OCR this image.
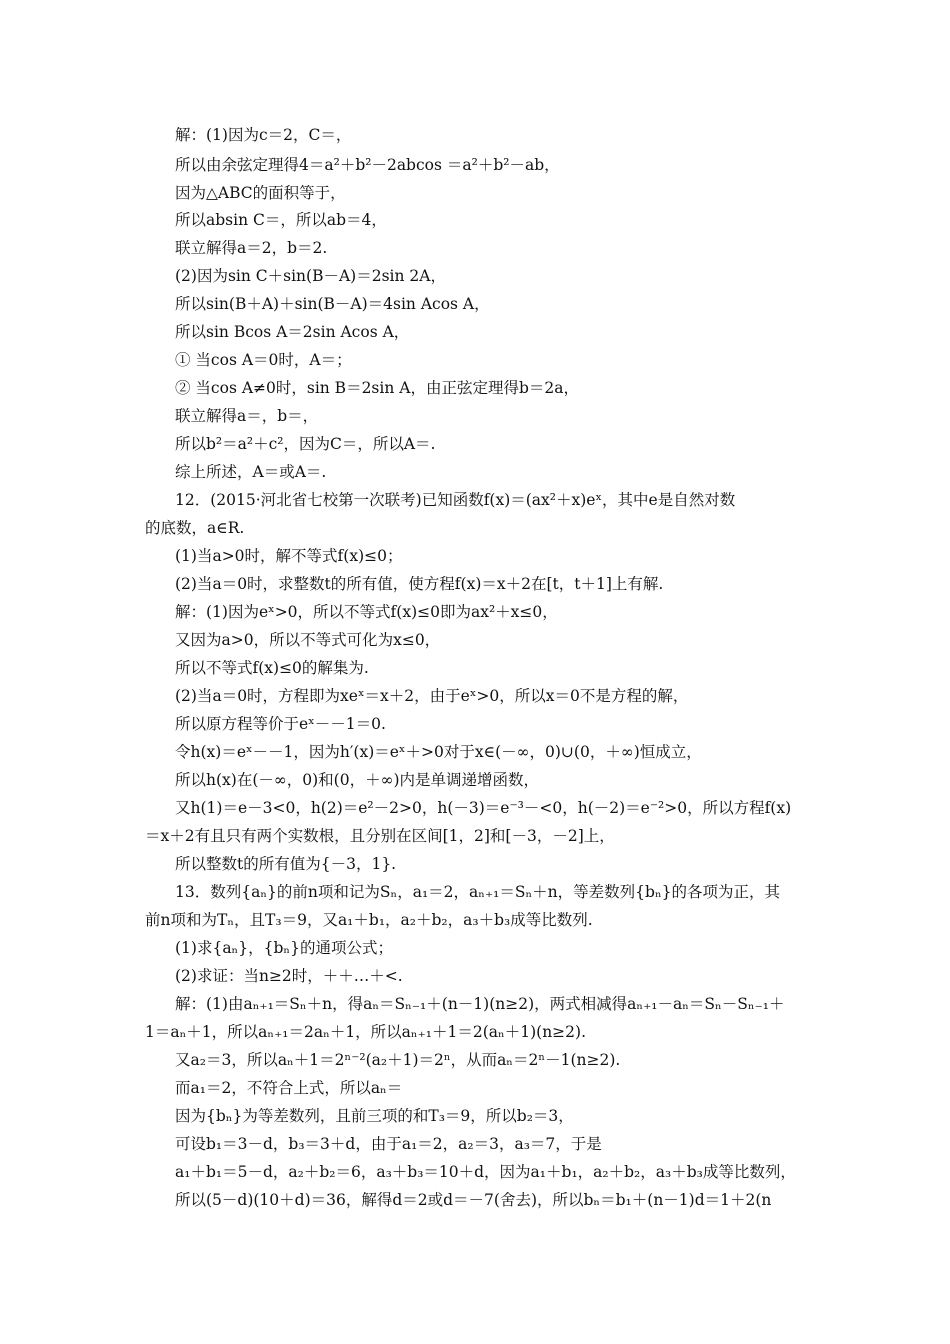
解：(1)因为c＝2，C＝，
所以由余弦定理得4＝a²＋b²－2abcos ＝a²＋b²－ab，
因为△ABC的面积等于，
所以absin C＝，所以ab＝4，
联立解得a＝2，b＝2.
(2)因为sin C＋sin(B－A)＝2sin 2A，
所以sin(B＋A)＋sin(B－A)＝4sin Acos A，
所以sin Bcos A＝2sin Acos A，
① 当cos A＝0时，A＝；
② 当cos A≠0时，sin B＝2sin A，由正弦定理得b＝2a，
联立解得a＝，b＝，
所以b²＝a²＋c²，因为C＝，所以A＝.
综上所述，A＝或A＝.
12．(2015·河北省七校第一次联考)已知函数f(x)＝(ax²＋x)eˣ，其中e是自然对数
的底数，a∈R.
(1)当a>0时，解不等式f(x)≤0；
(2)当a＝0时，求整数t的所有值，使方程f(x)＝x＋2在[t，t＋1]上有解.
解：(1)因为eˣ>0，所以不等式f(x)≤0即为ax²＋x≤0，
又因为a>0，所以不等式可化为x≤0，
所以不等式f(x)≤0的解集为.
(2)当a＝0时，方程即为xeˣ＝x＋2，由于eˣ>0，所以x＝0不是方程的解，
所以原方程等价于eˣ－－1＝0.
令h(x)＝eˣ－－1，因为h′(x)＝eˣ＋>0对于x∈(－∞，0)∪(0，＋∞)恒成立，
所以h(x)在(－∞，0)和(0，＋∞)内是单调递增函数，
又h(1)＝e－3<0，h(2)＝e²－2>0，h(－3)＝e⁻³－<0，h(－2)＝e⁻²>0，所以方程f(x)
＝x＋2有且只有两个实数根，且分别在区间[1，2]和[－3，－2]上，
所以整数t的所有值为{－3，1}.
13．数列{aₙ}的前n项和记为Sₙ，a₁＝2，aₙ₊₁＝Sₙ＋n，等差数列{bₙ}的各项为正，其
前n项和为Tₙ，且T₃＝9，又a₁＋b₁，a₂＋b₂，a₃＋b₃成等比数列.
(1)求{aₙ}，{bₙ}的通项公式；
(2)求证：当n≥2时，＋＋…＋<.
解：(1)由aₙ₊₁＝Sₙ＋n，得aₙ＝Sₙ₋₁＋(n－1)(n≥2)，两式相减得aₙ₊₁－aₙ＝Sₙ－Sₙ₋₁＋
1＝aₙ＋1，所以aₙ₊₁＝2aₙ＋1，所以aₙ₊₁＋1＝2(aₙ＋1)(n≥2).
又a₂＝3，所以aₙ＋1＝2ⁿ⁻²(a₂＋1)＝2ⁿ，从而aₙ＝2ⁿ－1(n≥2).
而a₁＝2，不符合上式，所以aₙ＝
因为{bₙ}为等差数列，且前三项的和T₃＝9，所以b₂＝3，
可设b₁＝3－d，b₃＝3＋d，由于a₁＝2，a₂＝3，a₃＝7，于是
a₁＋b₁＝5－d，a₂＋b₂＝6，a₃＋b₃＝10＋d，因为a₁＋b₁，a₂＋b₂，a₃＋b₃成等比数列，
所以(5－d)(10＋d)＝36，解得d＝2或d＝－7(舍去)，所以bₙ＝b₁＋(n－1)d＝1＋2(n
